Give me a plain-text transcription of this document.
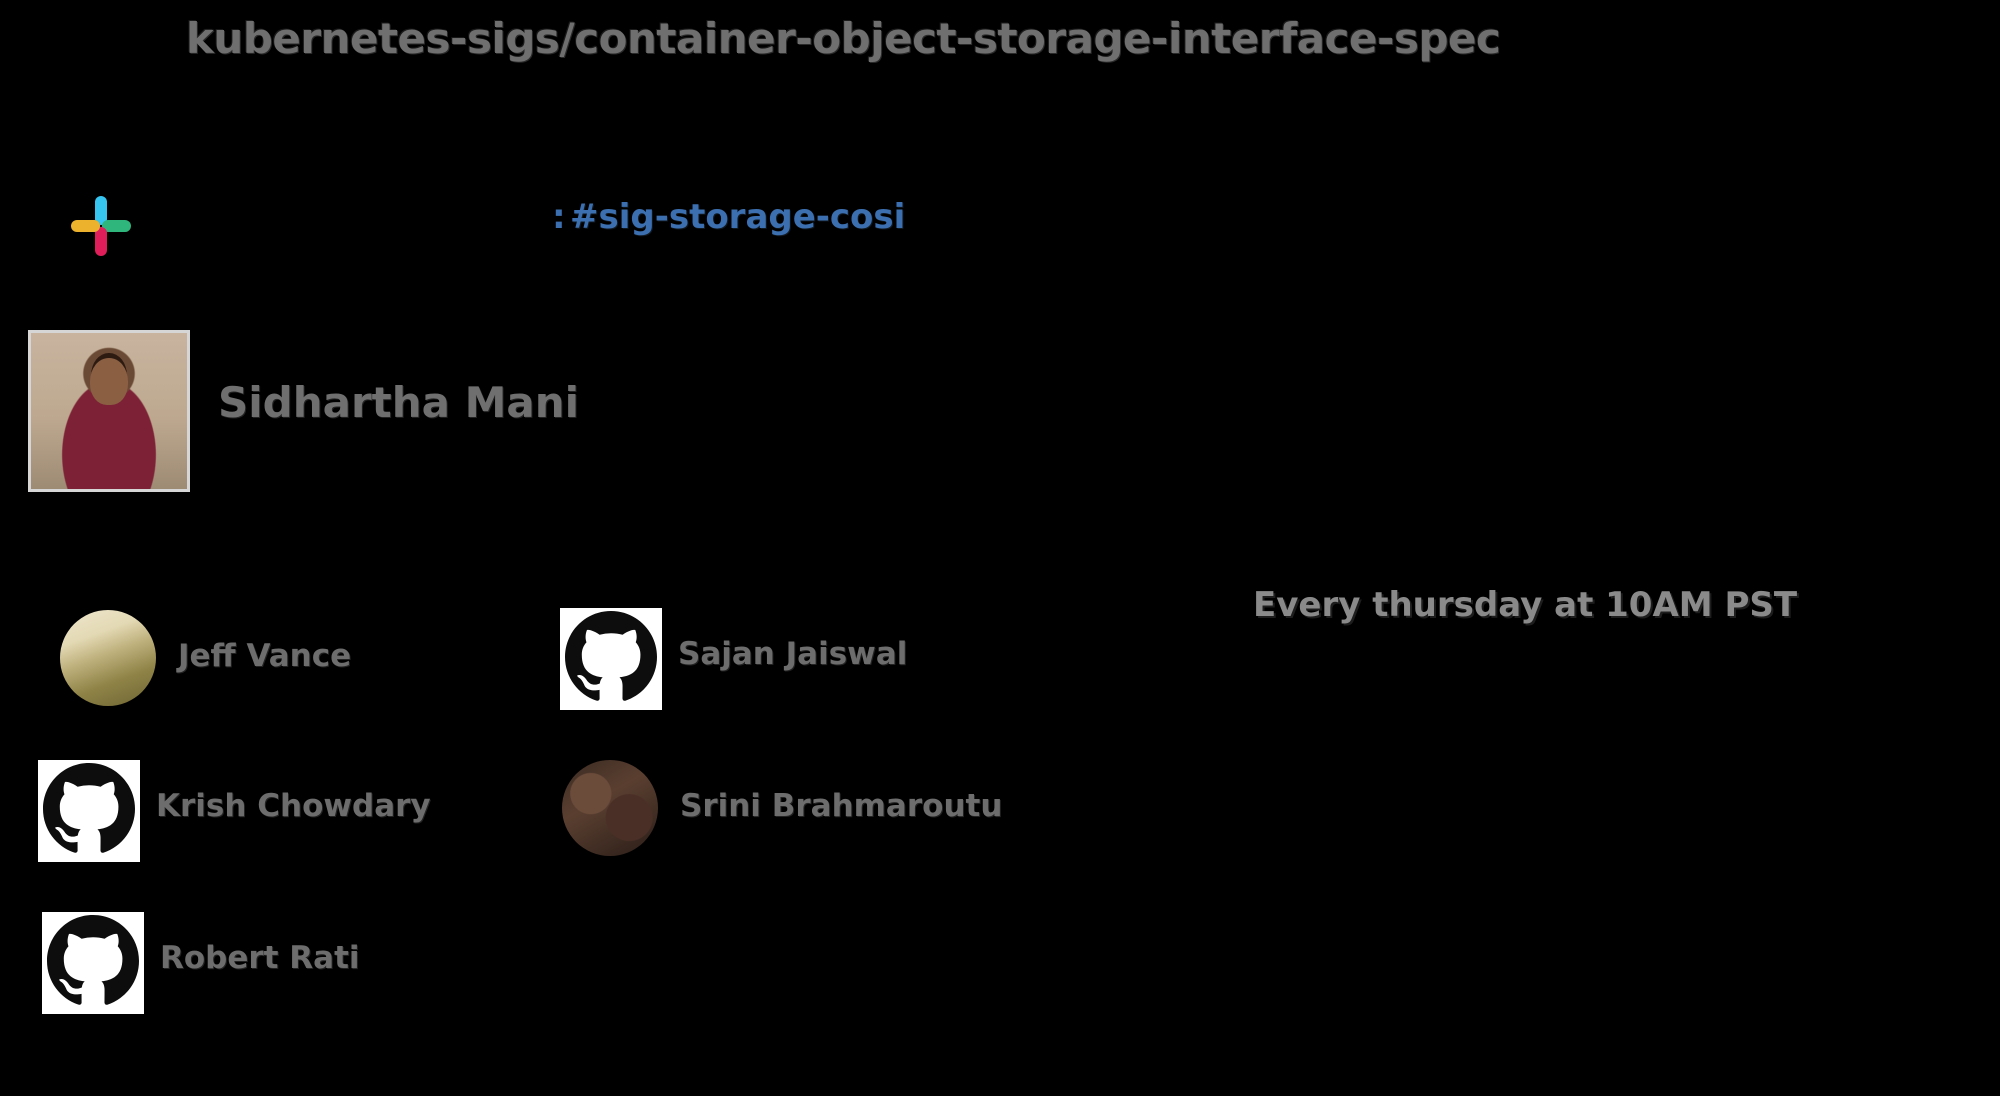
kubernetes-sigs/container-object-storage-interface-spec
: #sig-storage-cosi
Sidhartha Mani
Every thursday at 10AM PST
Jeff Vance	Sajan Jaiswal
Krish Chowdary	Srini Brahmaroutu
Robert Rati
